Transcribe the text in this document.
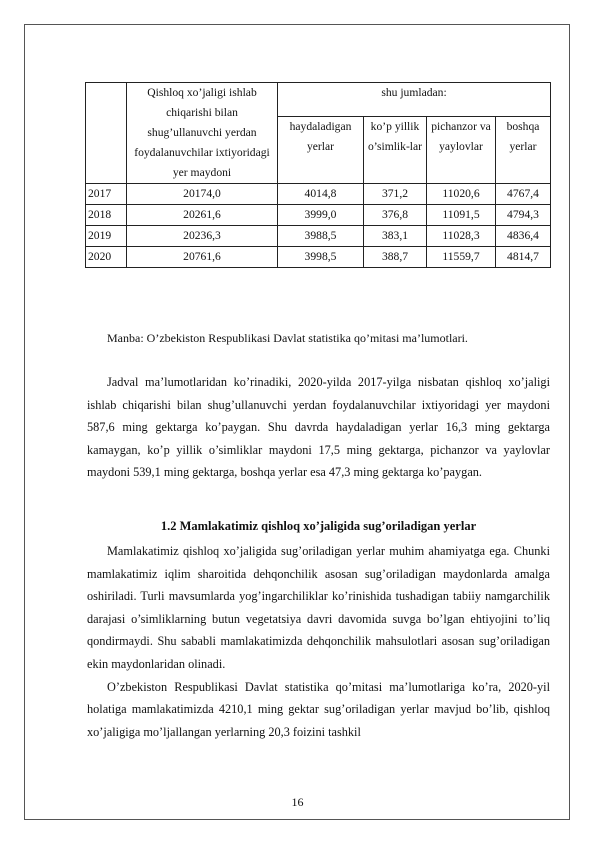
	Qishloq xo’jaligi ishlab chiqarishi bilan shug’ullanuvchi yerdan foydalanuvchilar ixtiyoridagi yer maydoni	shu jumladan:			
		haydaladigan yerlar	ko’p yillik o’simlik-lar	pichanzor va yaylovlar	boshqa yerlar
2017	20174,0	4014,8	371,2	11020,6	4767,4
2018	20261,6	3999,0	376,8	11091,5	4794,3
2019	20236,3	3988,5	383,1	11028,3	4836,4
2020	20761,6	3998,5	388,7	11559,7	4814,7
Manba: O’zbekiston Respublikasi Davlat statistika qo’mitasi ma’lumotlari.

Jadval ma’lumotlaridan ko’rinadiki, 2020-yilda 2017-yilga nisbatan qishloq xo’jaligi ishlab chiqarishi bilan shug’ullanuvchi yerdan foydalanuvchilar ixtiyoridagi yer maydoni 587,6 ming gektarga ko’paygan. Shu davrda haydaladigan yerlar 16,3 ming gektarga kamaygan, ko’p yillik o’simliklar maydoni 17,5 ming gektarga, pichanzor va yaylovlar maydoni 539,1 ming gektarga, boshqa yerlar esa 47,3 ming gektarga ko’paygan.

1.2 Mamlakatimiz qishloq xo’jaligida sug’oriladigan yerlar

Mamlakatimiz qishloq xo’jaligida sug’oriladigan yerlar muhim ahamiyatga ega. Chunki mamlakatimiz iqlim sharoitida dehqonchilik asosan sug’oriladigan maydonlarda amalga oshiriladi. Turli mavsumlarda yog’ingarchiliklar ko’rinishida tushadigan tabiiy namgarchilik darajasi o’simliklarning butun vegetatsiya davri davomida suvga bo’lgan ehtiyojini to’liq qondirmaydi. Shu sababli mamlakatimizda dehqonchilik mahsulotlari asosan sug’oriladigan ekin maydonlaridan olinadi.

O’zbekiston Respublikasi Davlat statistika qo’mitasi ma’lumotlariga ko’ra, 2020-yil holatiga mamlakatimizda 4210,1 ming gektar sug’oriladigan yerlar mavjud bo’lib, qishloq xo’jaligiga mo’ljallangan yerlarning 20,3 foizini tashkil

16
